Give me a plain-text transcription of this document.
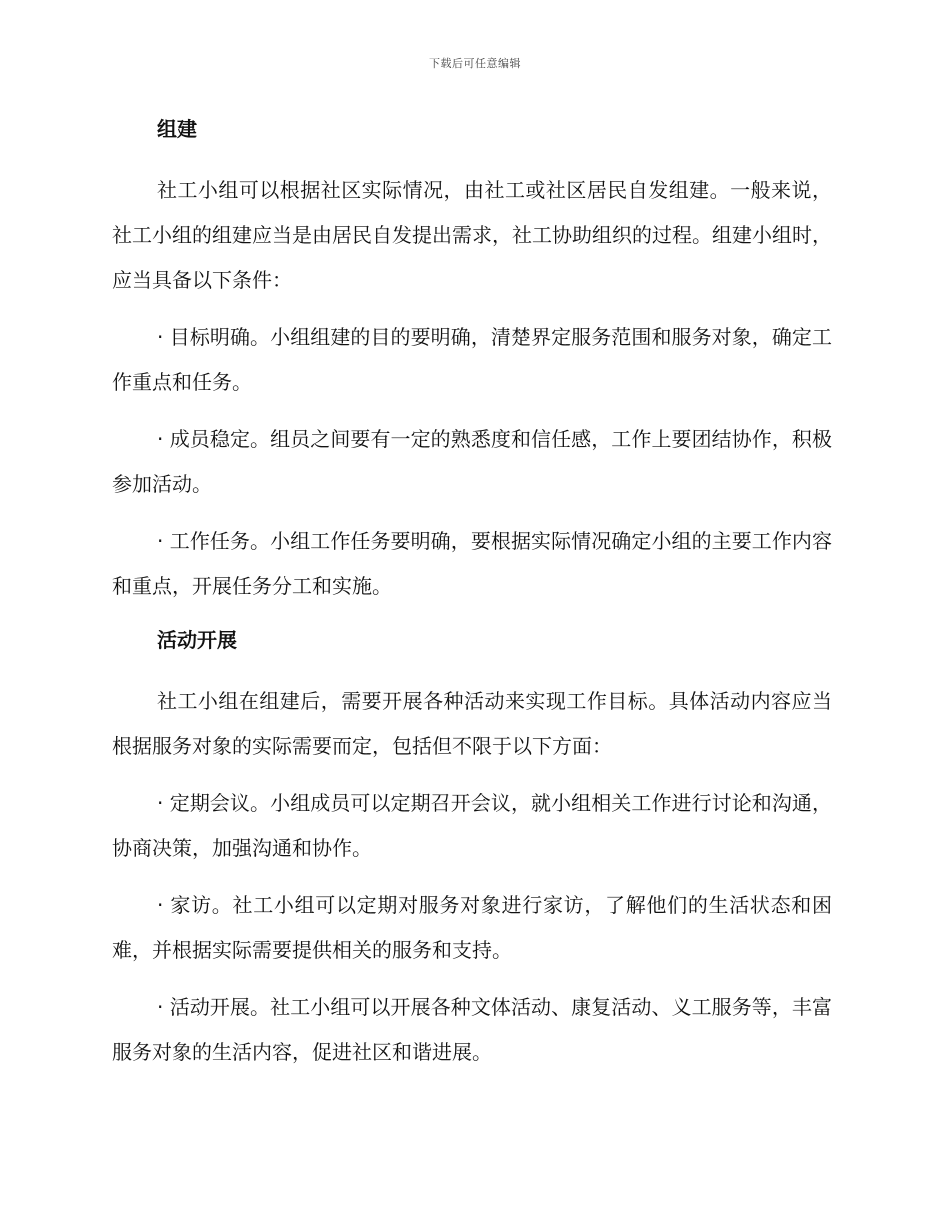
下载后可任意编辑
组建

社工小组可以根据社区实际情况，由社工或社区居民自发组建。一般来说，社工小组的组建应当是由居民自发提出需求，社工协助组织的过程。组建小组时，应当具备以下条件：

· 目标明确。小组组建的目的要明确，清楚界定服务范围和服务对象，确定工作重点和任务。

· 成员稳定。组员之间要有一定的熟悉度和信任感，工作上要团结协作，积极参加活动。

· 工作任务。小组工作任务要明确，要根据实际情况确定小组的主要工作内容和重点，开展任务分工和实施。

活动开展

社工小组在组建后，需要开展各种活动来实现工作目标。具体活动内容应当根据服务对象的实际需要而定，包括但不限于以下方面：

· 定期会议。小组成员可以定期召开会议，就小组相关工作进行讨论和沟通，协商决策，加强沟通和协作。

· 家访。社工小组可以定期对服务对象进行家访，了解他们的生活状态和困难，并根据实际需要提供相关的服务和支持。

· 活动开展。社工小组可以开展各种文体活动、康复活动、义工服务等，丰富服务对象的生活内容，促进社区和谐进展。
